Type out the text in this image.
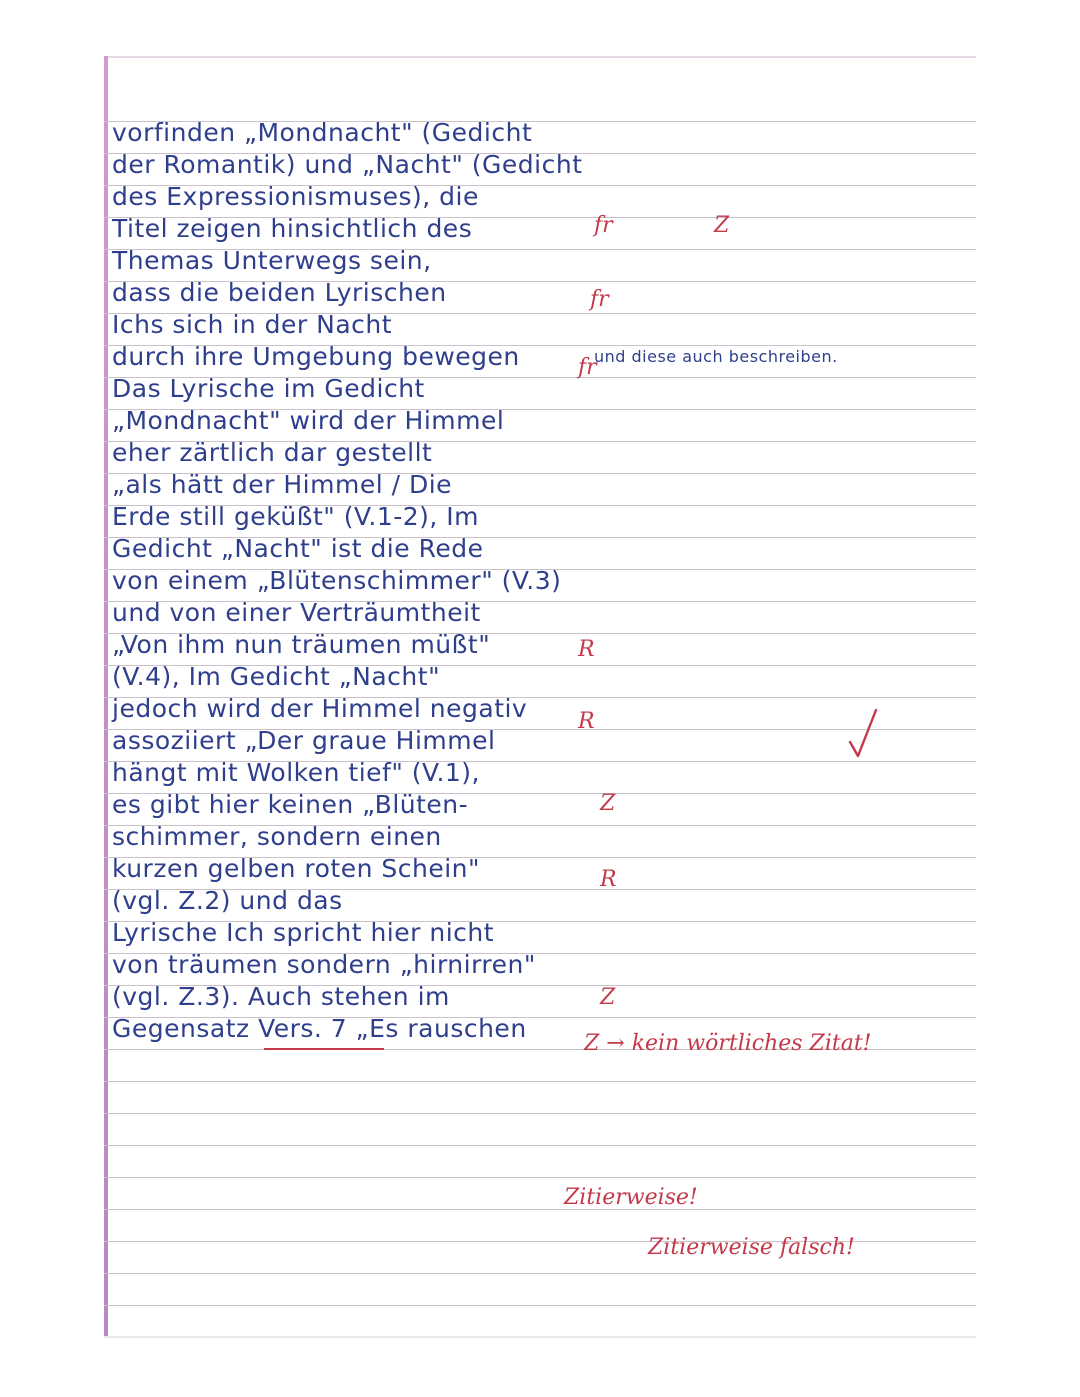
vorfinden „Mondnacht" (Gedicht
der Romantik) und „Nacht" (Gedicht
des Expressionismuses), die
Titel zeigen hinsichtlich des
Themas Unterwegs sein,
dass die beiden Lyrischen
Ichs sich in der Nacht
durch ihre Umgebung bewegen	und diese auch beschreiben.
Das Lyrische im Gedicht
„Mondnacht" wird der Himmel
eher zärtlich dar gestellt
„als hätt der Himmel / Die
Erde still geküßt" (V.1-2), Im
Gedicht „Nacht" ist die Rede
von einem „Blütenschimmer" (V.3)
und von einer Verträumtheit
„Von ihm nun träumen müßt"
(V.4), Im Gedicht „Nacht"
jedoch wird der Himmel negativ
assoziiert „Der graue Himmel
hängt mit Wolken tief" (V.1),
es gibt hier keinen „Blüten-
schimmer, sondern einen
kurzen gelben roten Schein"
(vgl. Z.2) und das
Lyrische Ich spricht hier nicht
von träumen sondern „hirnirren"
(vgl. Z.3). Auch stehen im
Gegensatz Vers. 7 „Es rauschen
fr	Z
fr
fr
R
R
Z
R
Z
Z → kein wörtliches Zitat!
Zitierweise!
Zitierweise falsch!
